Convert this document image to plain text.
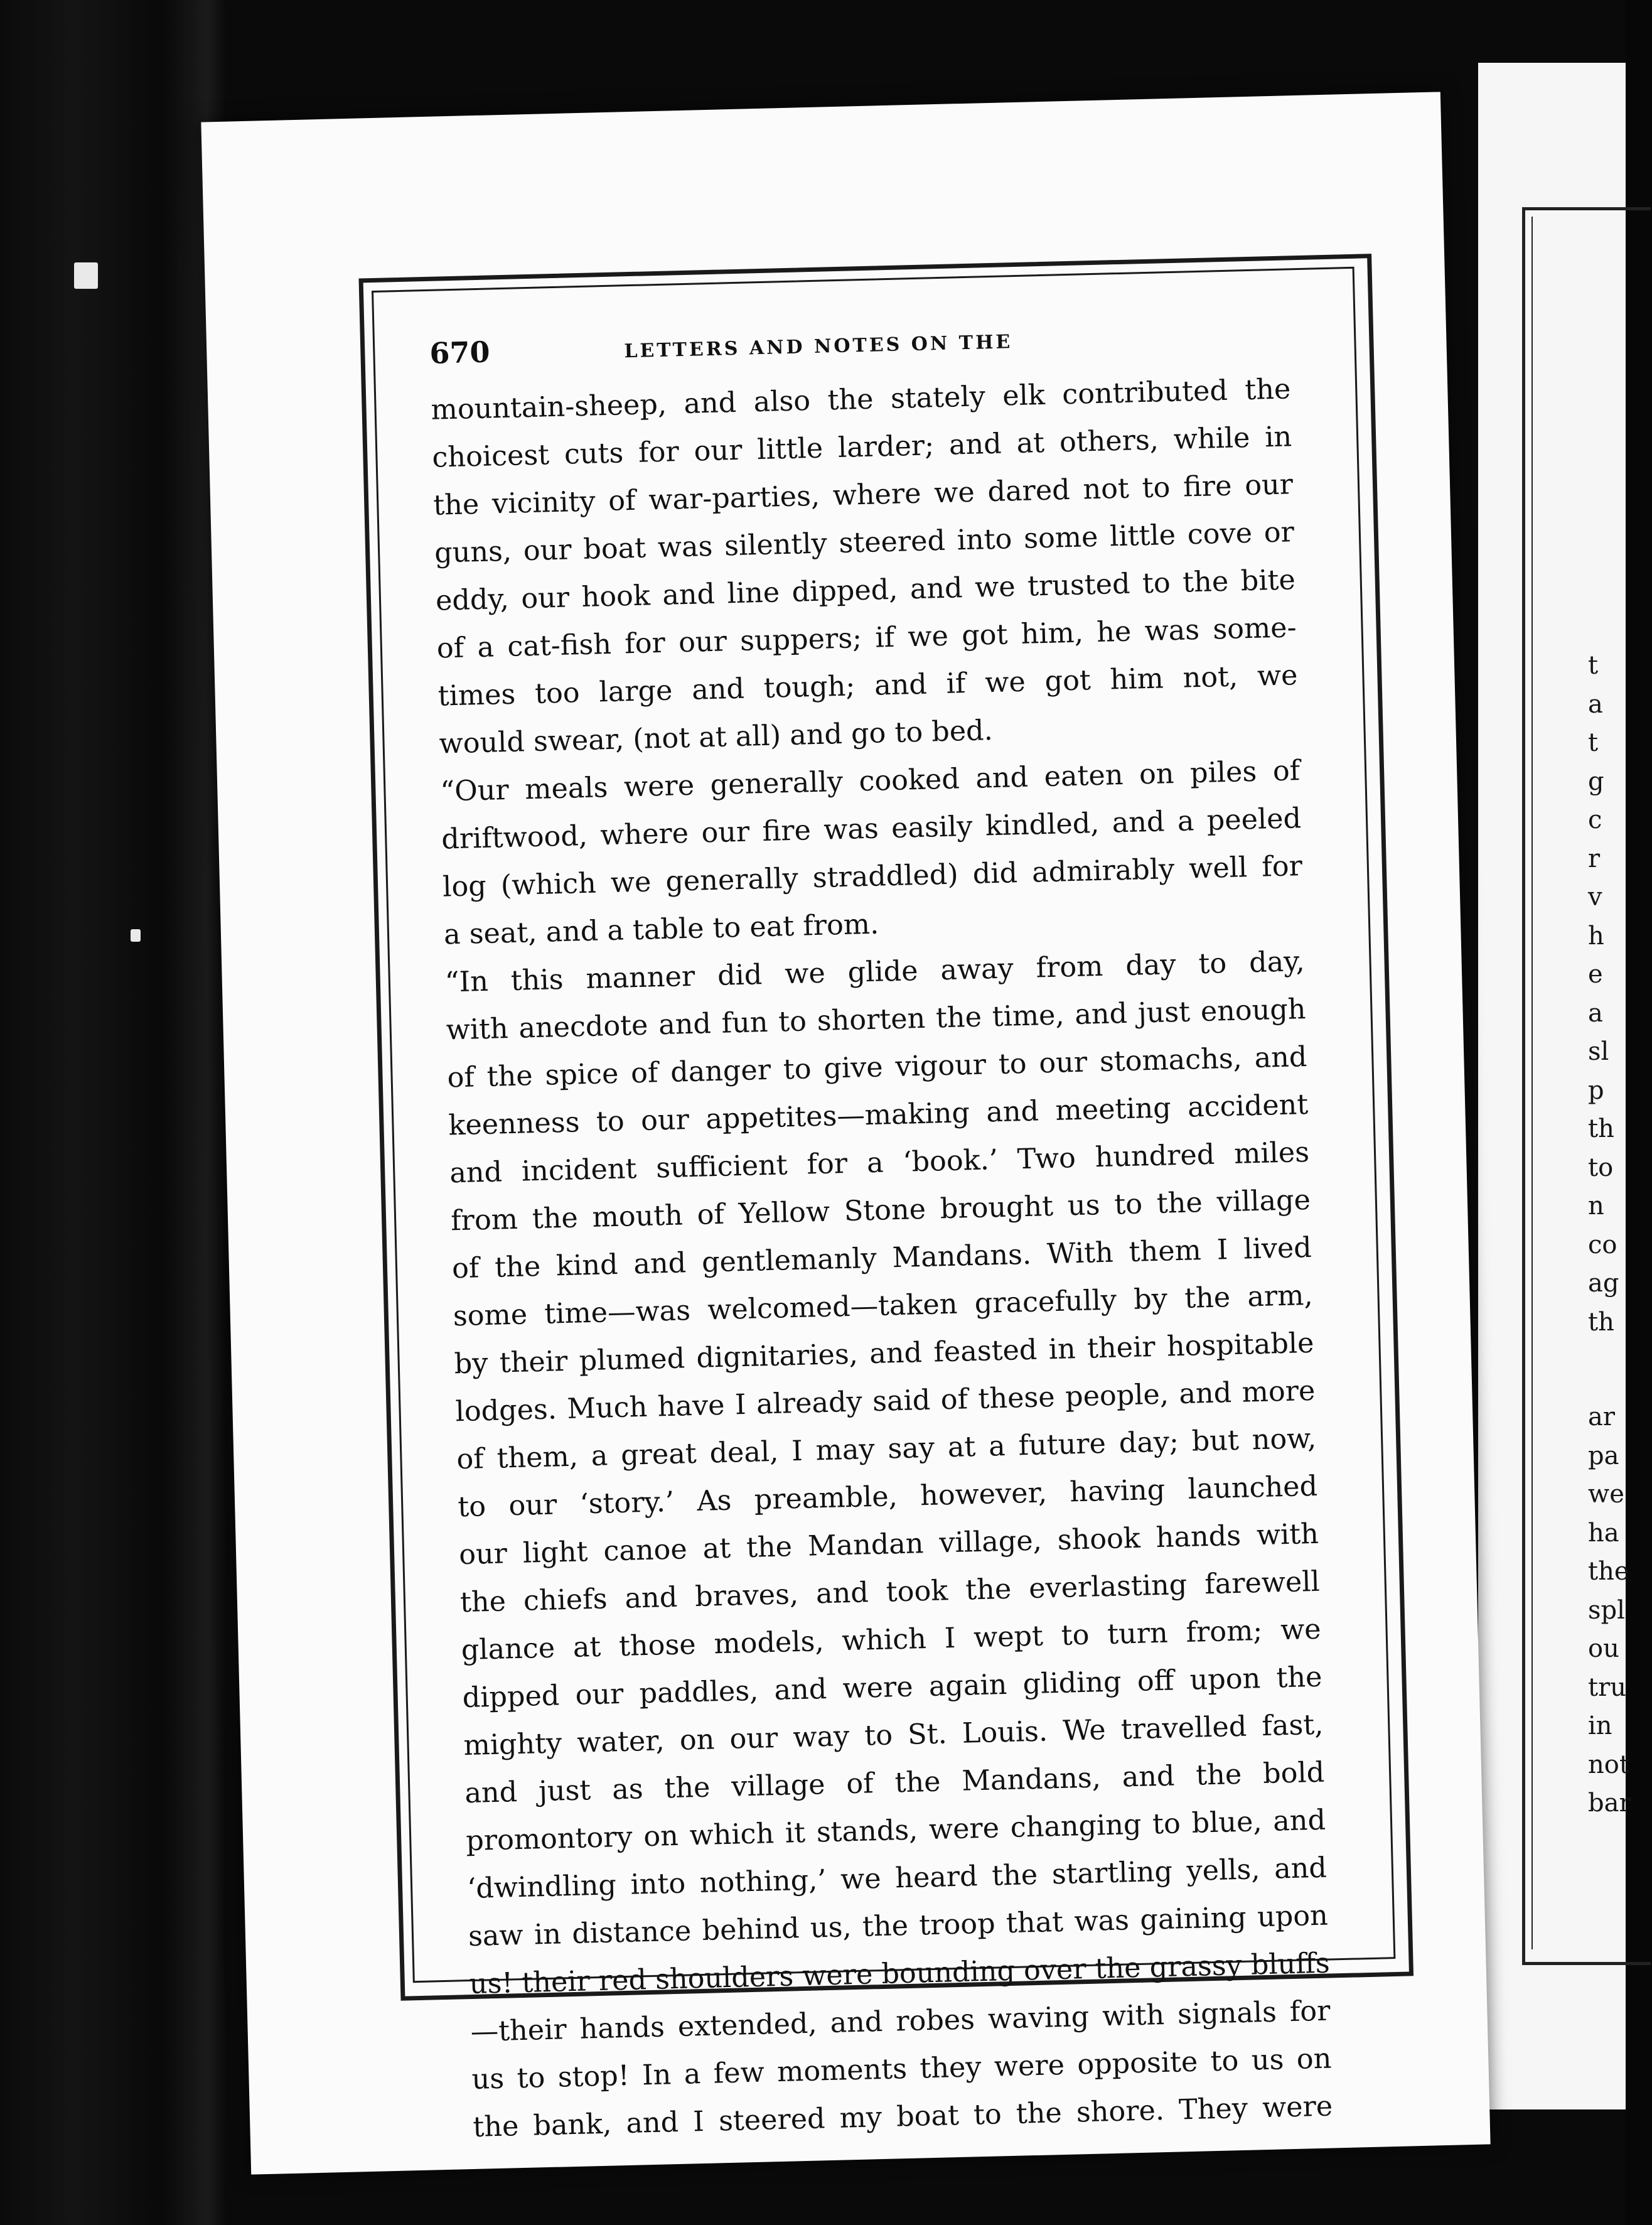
t
a
t
g
c
r
v
h
e
a
sl
p
th
to
n
co
ag
th
ar
pa
we
ha
the
spl
ou
tru
in
not
bar
670	LETTERS AND NOTES ON THE
mountain-sheep, and also the stately elk contributed the
choicest cuts for our little larder; and at others, while in
the vicinity of war-parties, where we dared not to fire our
guns, our boat was silently steered into some little cove or
eddy, our hook and line dipped, and we trusted to the bite
of a cat-fish for our suppers; if we got him, he was some-
times too large and tough; and if we got him not, we
would swear, (not at all) and go to bed.
“Our meals were generally cooked and eaten on piles of
driftwood, where our fire was easily kindled, and a peeled
log (which we generally straddled) did admirably well for
a seat, and a table to eat from.
“In this manner did we glide away from day to day,
with anecdote and fun to shorten the time, and just enough
of the spice of danger to give vigour to our stomachs, and
keenness to our appetites—making and meeting accident
and incident sufficient for a ‘book.’ Two hundred miles
from the mouth of Yellow Stone brought us to the village
of the kind and gentlemanly Mandans. With them I lived
some time—was welcomed—taken gracefully by the arm,
by their plumed dignitaries, and feasted in their hospitable
lodges. Much have I already said of these people, and more
of them, a great deal, I may say at a future day; but now,
to our ‘story.’ As preamble, however, having launched
our light canoe at the Mandan village, shook hands with
the chiefs and braves, and took the everlasting farewell
glance at those models, which I wept to turn from; we
dipped our paddles, and were again gliding off upon the
mighty water, on our way to St. Louis. We travelled fast,
and just as the village of the Mandans, and the bold
promontory on which it stands, were changing to blue, and
‘dwindling into nothing,’ we heard the startling yells, and
saw in distance behind us, the troop that was gaining upon
us! their red shoulders were bounding over the grassy bluffs
—their hands extended, and robes waving with signals for
us to stop! In a few moments they were opposite to us on
the bank, and I steered my boat to the shore. They were
